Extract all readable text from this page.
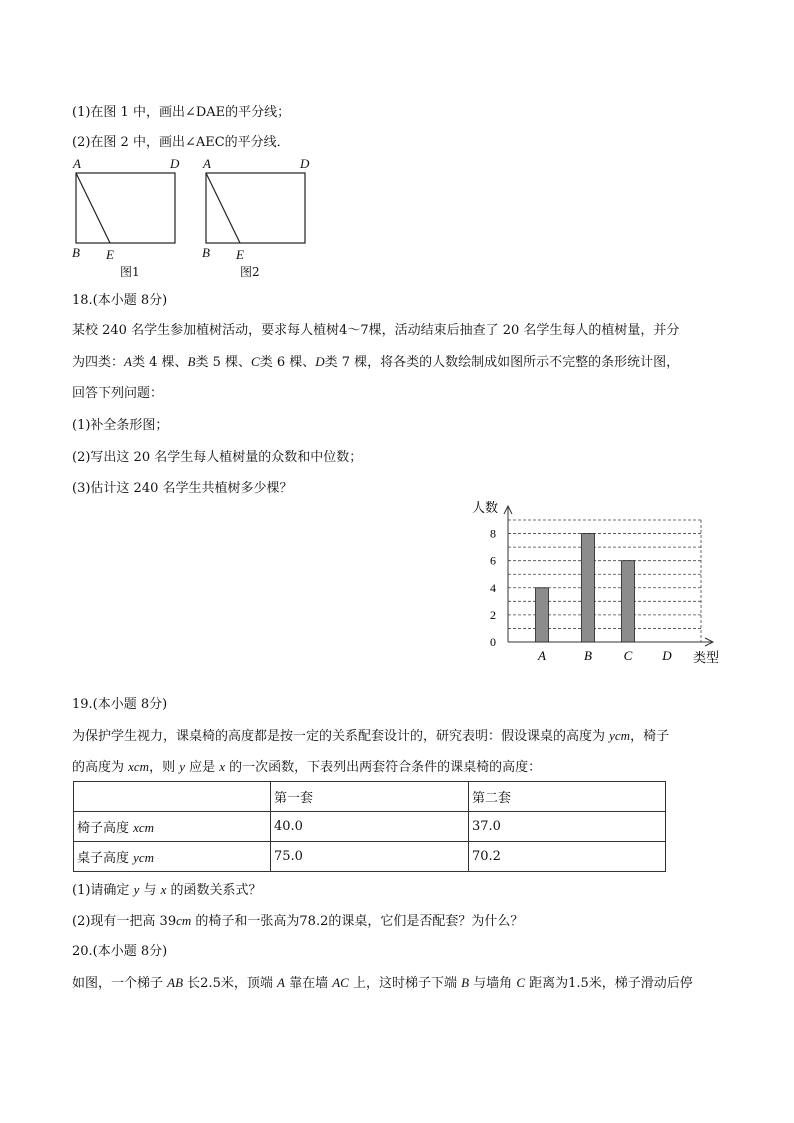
(1)在图 1 中，画出∠DAE的平分线；
(2)在图 2 中，画出∠AEC的平分线．
A	D
B E
图1
A	D
B E
图2
18.(本小题 8分)
某校 240 名学生参加植树活动，要求每人植树4～7棵，活动结束后抽查了 20 名学生每人的植树量，并分
为四类：A类 4 棵、B类 5 棵、C类 6 棵、D类 7 棵，将各类的人数绘制成如图所示不完整的条形统计图，
回答下列问题：
(1)补全条形图；
(2)写出这 20 名学生每人植树量的众数和中位数；
(3)估计这 240 名学生共植树多少棵？
0
2
4
6
8
人数
类型
A	B C D
19.(本小题 8分)
为保护学生视力，课桌椅的高度都是按一定的关系配套设计的，研究表明：假设课桌的高度为 ycm，椅子
的高度为 xcm，则 y 应是 x 的一次函数，下表列出两套符合条件的课桌椅的高度：
	第一套	第二套
椅子高度 xcm	40.0	37.0
桌子高度 ycm	75.0	70.2
(1)请确定 y 与 x 的函数关系式？
(2)现有一把高 39cm 的椅子和一张高为78.2的课桌，它们是否配套？为什么？
20.(本小题 8分)
如图，一个梯子 AB 长2.5米，顶端 A 靠在墙 AC 上，这时梯子下端 B 与墙角 C 距离为1.5米，梯子滑动后停
